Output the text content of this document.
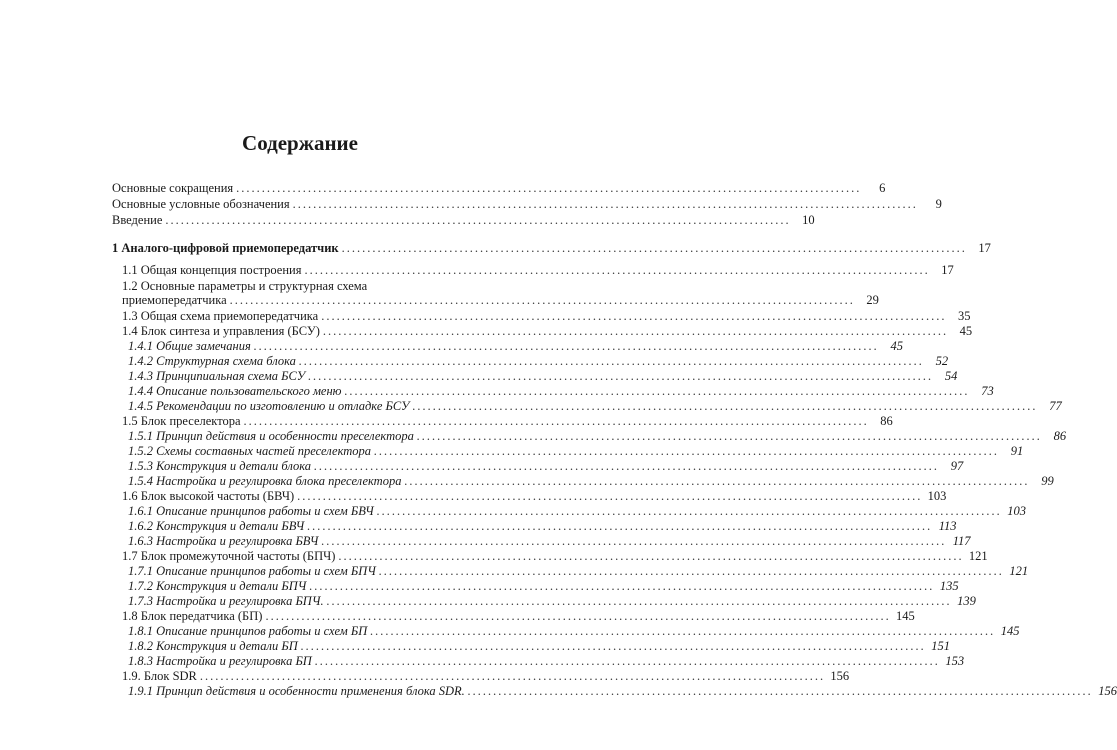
Содержание
Основные сокращения ..........................................................................................................................	6
Основные условные обозначения ..........................................................................................................................	9
Введение .......................................................................................................................... 10
1 Аналого-цифровой приемопередатчик .......................................................................................................................... 17
1.1 Общая концепция построения .......................................................................................................................... 17
1.2 Основные параметры и структурная схема
приемопередатчика .......................................................................................................................... 29
1.3 Общая схема приемопередатчика .......................................................................................................................... 35
1.4 Блок синтеза и управления (БСУ) .......................................................................................................................... 45
1.4.1 Общие замечания .......................................................................................................................... 45
1.4.2 Структурная схема блока .......................................................................................................................... 52
1.4.3 Принципиальная схема БСУ .......................................................................................................................... 54
1.4.4 Описание пользовательского меню .......................................................................................................................... 73
1.4.5 Рекомендации по изготовлению и отладке БСУ .......................................................................................................................... 77
1.5 Блок преселектора .......................................................................................................................... 86
1.5.1 Принцип действия и особенности преселектора .......................................................................................................................... 86
1.5.2 Схемы составных частей преселектора .......................................................................................................................... 91
1.5.3 Конструкция и детали блока .......................................................................................................................... 97
1.5.4 Настройка и регулировка блока преселектора .......................................................................................................................... 99
1.6 Блок высокой частоты (БВЧ) .......................................................................................................................... 103
1.6.1 Описание принципов работы и схем БВЧ .......................................................................................................................... 103
1.6.2 Конструкция и детали БВЧ .......................................................................................................................... 113
1.6.3 Настройка и регулировка БВЧ .......................................................................................................................... 117
1.7 Блок промежуточной частоты (БПЧ) .......................................................................................................................... 121
1.7.1 Описание принципов работы и схем БПЧ .......................................................................................................................... 121
1.7.2 Конструкция и детали БПЧ .......................................................................................................................... 135
1.7.3 Настройка и регулировка БПЧ. .......................................................................................................................... 139
1.8 Блок передатчика (БП) .......................................................................................................................... 145
1.8.1 Описание принципов работы и схем БП .......................................................................................................................... 145
1.8.2 Конструкция и детали БП .......................................................................................................................... 151
1.8.3 Настройка и регулировка БП .......................................................................................................................... 153
1.9. Блок SDR .......................................................................................................................... 156
1.9.1 Принцип действия и особенности применения блока SDR. .......................................................................................................................... 156
